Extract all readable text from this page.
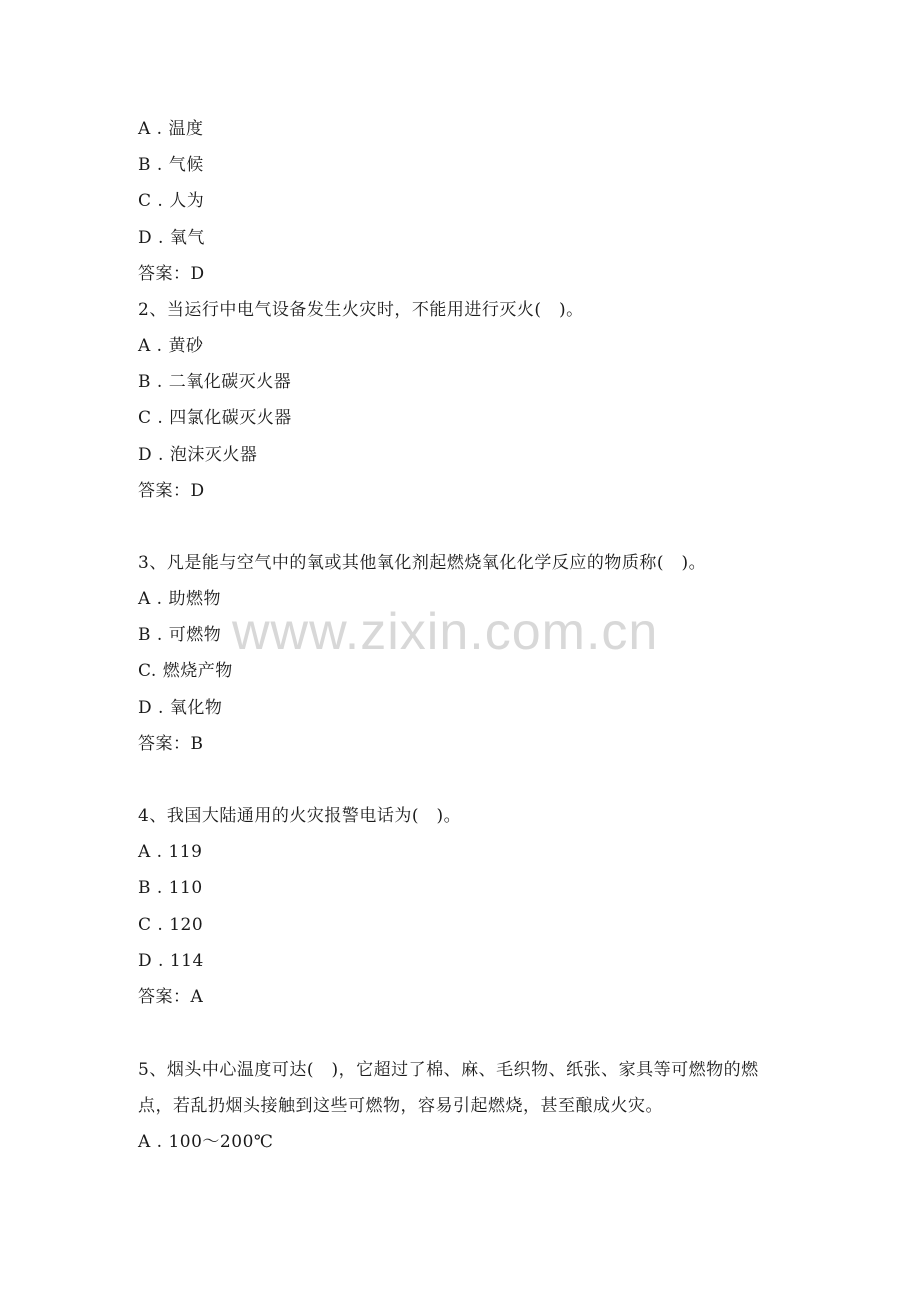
www.zixin.com.cn
A . 温度
B . 气候
C . 人为
D . 氧气
答案：D
2、当运行中电气设备发生火灾时，不能用进行灭火(　)。
A . 黄砂
B . 二氧化碳灭火器
C . 四氯化碳灭火器
D . 泡沫灭火器
答案：D
3、凡是能与空气中的氧或其他氧化剂起燃烧氧化化学反应的物质称(　)。
A . 助燃物
B . 可燃物
C. 燃烧产物
D . 氧化物
答案：B
4、我国大陆通用的火灾报警电话为(　)。
A . 119
B . 110
C . 120
D . 114
答案：A
5、烟头中心温度可达(　)，它超过了棉、麻、毛织物、纸张、家具等可燃物的燃点，若乱扔烟头接触到这些可燃物，容易引起燃烧，甚至酿成火灾。
A . 100～200℃
